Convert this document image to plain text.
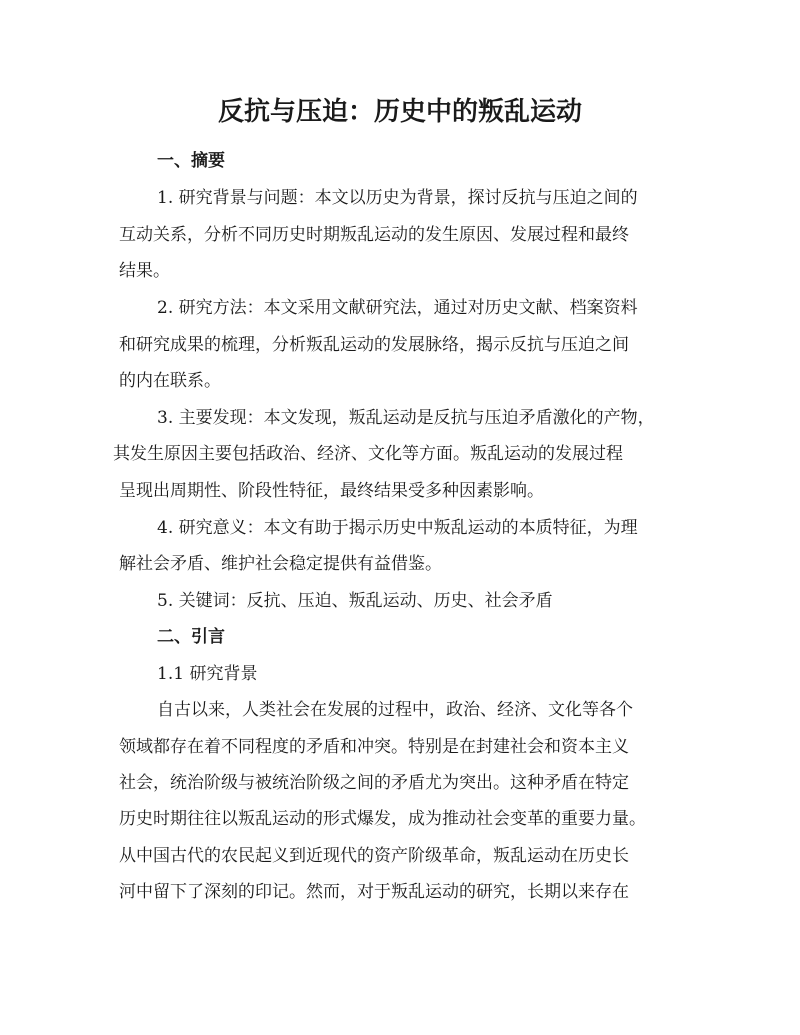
反抗与压迫：历史中的叛乱运动
一、摘要
1. 研究背景与问题：本文以历史为背景，探讨反抗与压迫之间的
互动关系，分析不同历史时期叛乱运动的发生原因、发展过程和最终
结果。
2. 研究方法：本文采用文献研究法，通过对历史文献、档案资料
和研究成果的梳理，分析叛乱运动的发展脉络，揭示反抗与压迫之间
的内在联系。
3. 主要发现：本文发现，叛乱运动是反抗与压迫矛盾激化的产物，
其发生原因主要包括政治、经济、文化等方面。叛乱运动的发展过程
呈现出周期性、阶段性特征，最终结果受多种因素影响。
4. 研究意义：本文有助于揭示历史中叛乱运动的本质特征，为理
解社会矛盾、维护社会稳定提供有益借鉴。
5. 关键词：反抗、压迫、叛乱运动、历史、社会矛盾
二、引言
1.1 研究背景
自古以来，人类社会在发展的过程中，政治、经济、文化等各个
领域都存在着不同程度的矛盾和冲突。特别是在封建社会和资本主义
社会，统治阶级与被统治阶级之间的矛盾尤为突出。这种矛盾在特定
历史时期往往以叛乱运动的形式爆发，成为推动社会变革的重要力量。
从中国古代的农民起义到近现代的资产阶级革命，叛乱运动在历史长
河中留下了深刻的印记。然而，对于叛乱运动的研究，长期以来存在
